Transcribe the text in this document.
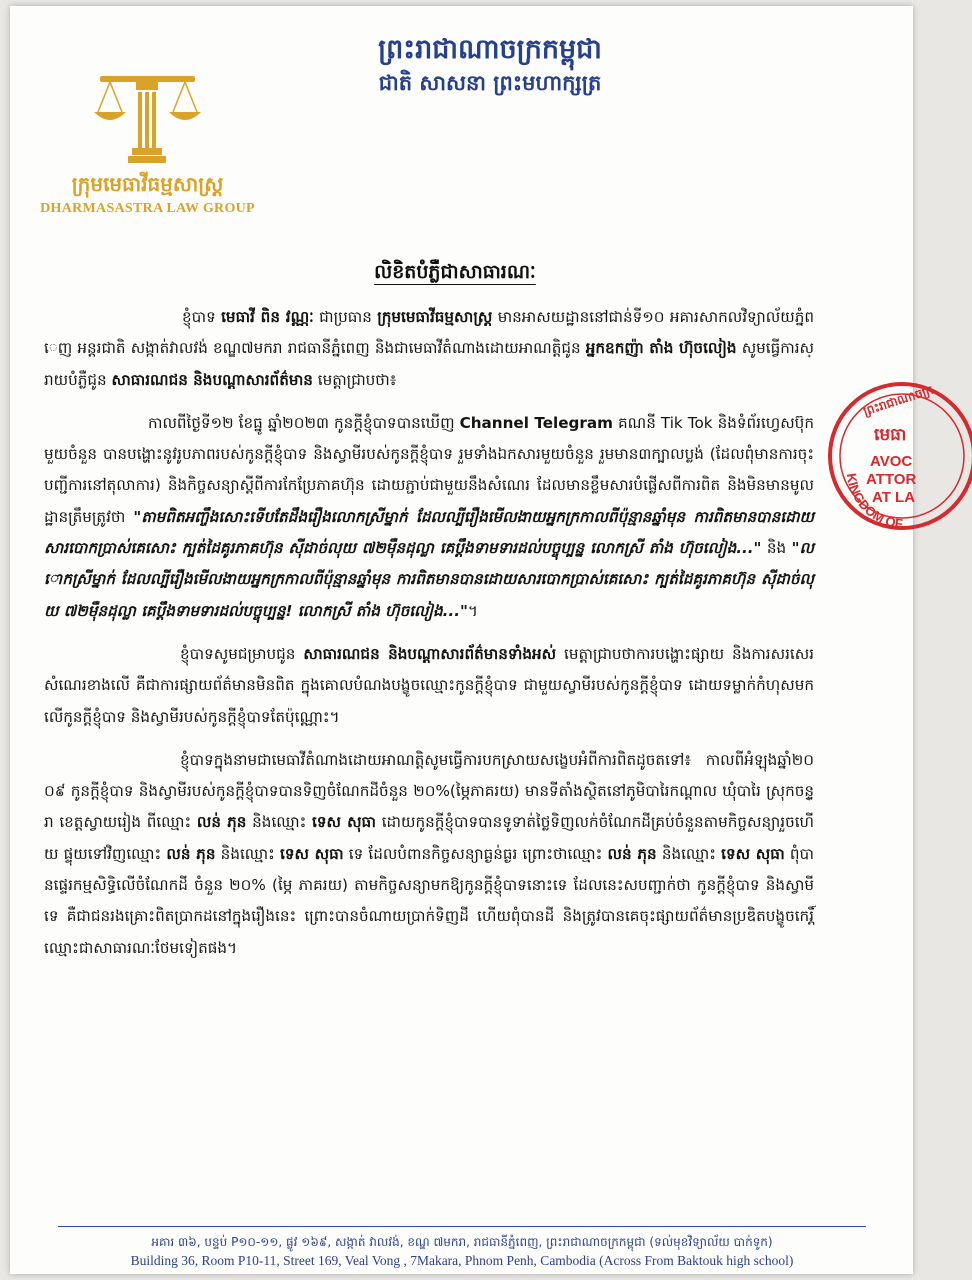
ព្រះរាជាណាចក្រកម្ពុជា
ជាតិ សាសនា ព្រះមហាក្សត្រ
ក្រុមមេធាវីធម្មសាស្ត្រ
DHARMASASTRA LAW GROUP
លិខិតបំភ្លឺជាសាធារណៈ

ខ្ញុំបាទ មេធាវី ពិន វណ្ណៈ ជាប្រធាន ក្រុមមេធាវីធម្មសាស្ត្រ មានអាសយដ្ឋាននៅជាន់ទី១០ អគារសាកលវិទ្យាល័យភ្នំពេញ អន្តរជាតិ សង្កាត់វាលវង់ ខណ្ឌ៧មករា រាជធានីភ្នំពេញ និងជាមេធាវីតំណាងដោយអាណត្តិជូន អ្នកឧកញ៉ា តាំង ហ៊ុចលៀង សូមធ្វើការស្រាយបំភ្លឺជូន សាធារណជន និងបណ្ដាសារព័ត៌មាន មេត្តាជ្រាបថា៖

កាលពីថ្ងៃទី១២ ខែធ្នូ ឆ្នាំ២០២៣ កូនក្ដីខ្ញុំបាទបានឃើញ Channel Telegram គណនី Tik Tok និងទំព័រហ្វេសប៊ុកមួយចំនួន បានបង្ហោះនូវរូបភាពរបស់កូនក្ដីខ្ញុំបាទ និងស្វាមីរបស់កូនក្ដីខ្ញុំបាទ រួមទាំងឯកសារមួយចំនួន រួមមាន៣ក្បាលប្លង់ (ដែលពុំមានការចុះបញ្ជីការនៅតុលាការ) និងកិច្ចសន្យាស្ដីពីការកែប្រែភាគហ៊ុន ដោយភ្ជាប់ជាមួយនឹងសំណេរ ដែលមានខ្លឹមសារបំផ្លើសពីការពិត និងមិនមានមូលដ្ឋានត្រឹមត្រូវថា "តាមពិតអញ្ចឹងសោះទើបតែដឹងរឿងលោកស្រីម្នាក់ ដែលល្បីរឿងមើលងាយអ្នកក្រកាលពីប៉ុន្មានឆ្នាំមុន ការពិតមានបានដោយសារបោកប្រាស់គេសោះ ក្បត់ដៃគូរភាគហ៊ុន ស៊ីដាច់លុយ ៧២ម៉ឺនដុល្លា គេប្តឹងទាមទារដល់បច្ចុប្បន្ន លោកស្រី តាំង ហ៊ុចលៀង..." និង "លោកស្រីម្នាក់ ដែលល្បីរឿងមើលងាយអ្នកក្រកាលពីប៉ុន្មានឆ្នាំមុន ការពិតមានបានដោយសារបោកប្រាស់គេសោះ ក្បត់ដៃគូរភាគហ៊ុន ស៊ីដាច់លុយ ៧២ម៉ឺនដុល្លា គេប្តឹងទាមទារដល់បច្ចុប្បន្ន! លោកស្រី តាំង ហ៊ុចលៀង..."។

ខ្ញុំបាទសូមជម្រាបជូន សាធារណជន និងបណ្ដាសារព័ត៌មានទាំងអស់ មេត្តាជ្រាបថាការបង្ហោះផ្សាយ និងការសរសេរសំណេរខាងលើ គឺជាការផ្សាយព័ត៌មានមិនពិត ក្នុងគោលបំណងបង្ខូចឈ្មោះកូនក្ដីខ្ញុំបាទ ជាមួយស្វាមីរបស់កូនក្ដីខ្ញុំបាទ ដោយទម្លាក់កំហុសមកលើកូនក្ដីខ្ញុំបាទ និងស្វាមីរបស់កូនក្ដីខ្ញុំបាទតែប៉ុណ្ណោះ។

ខ្ញុំបាទក្នុងនាមជាមេធាវីតំណាងដោយអាណត្តិសូមធ្វើការបកស្រាយសង្ខេបអំពីការពិតដូចតទៅ៖ កាលពីអំឡុងឆ្នាំ២០០៩ កូនក្ដីខ្ញុំបាទ និងស្វាមីរបស់កូនក្ដីខ្ញុំបាទបានទិញចំណែកដីចំនួន ២០%(ម្ភៃភាគរយ) មានទីតាំងស្ថិតនៅភូមិបារៃកណ្ដាល ឃុំបារៃ ស្រុកចន្ទ្រា ខេត្តស្វាយរៀង ពីឈ្មោះ លន់ ភុន និងឈ្មោះ ទេស សុធា ដោយកូនក្ដីខ្ញុំបាទបានទូទាត់ថ្លៃទិញលក់ចំណែកដីគ្រប់ចំនួនតាមកិច្ចសន្យារួចហើយ ផ្ទុយទៅវិញឈ្មោះ លន់ ភុន និងឈ្មោះ ទេស សុធា ទេ ដែលបំពានកិច្ចសន្យាធ្ងន់ធ្ងរ ព្រោះថាឈ្មោះ លន់ ភុន និងឈ្មោះ ទេស សុធា ពុំបានផ្ទេរកម្មសិទ្ធិលើចំណែកដី ចំនួន ២០% (ម្ភៃ ភាគរយ) តាមកិច្ចសន្យាមកឱ្យកូនក្ដីខ្ញុំបាទនោះទេ ដែលនេះសបញ្ជាក់ថា កូនក្ដីខ្ញុំបាទ និងស្វាមី ទេ គឺជាជនរងគ្រោះពិតប្រាកដនៅក្នុងរឿងនេះ ព្រោះបានចំណាយប្រាក់ទិញដី ហើយពុំបានដី និងត្រូវបានគេចុះផ្សាយព័ត៌មានប្រឌិតបង្ខូចកេរ្តិ៍ឈ្មោះជាសាធារណៈថែមទៀតផង។

ព្រះរាជាណាចក្រ
មេធា
AVOC
ATTOR
AT LA
KINGDOM OF
អគារ ៣៦, បន្ទប់ P១០-១១, ផ្លូវ ១៦៩, សង្កាត់ វាលវង់, ខណ្ឌ ៧មករា, រាជធានីភ្នំពេញ, ព្រះរាជាណាចក្រកម្ពុជា (ទល់មុខវិទ្យាល័យ បាក់ទូក)
Building 36, Room P10-11, Street 169, Veal Vong , 7Makara, Phnom Penh, Cambodia (Across From Baktouk high school)
